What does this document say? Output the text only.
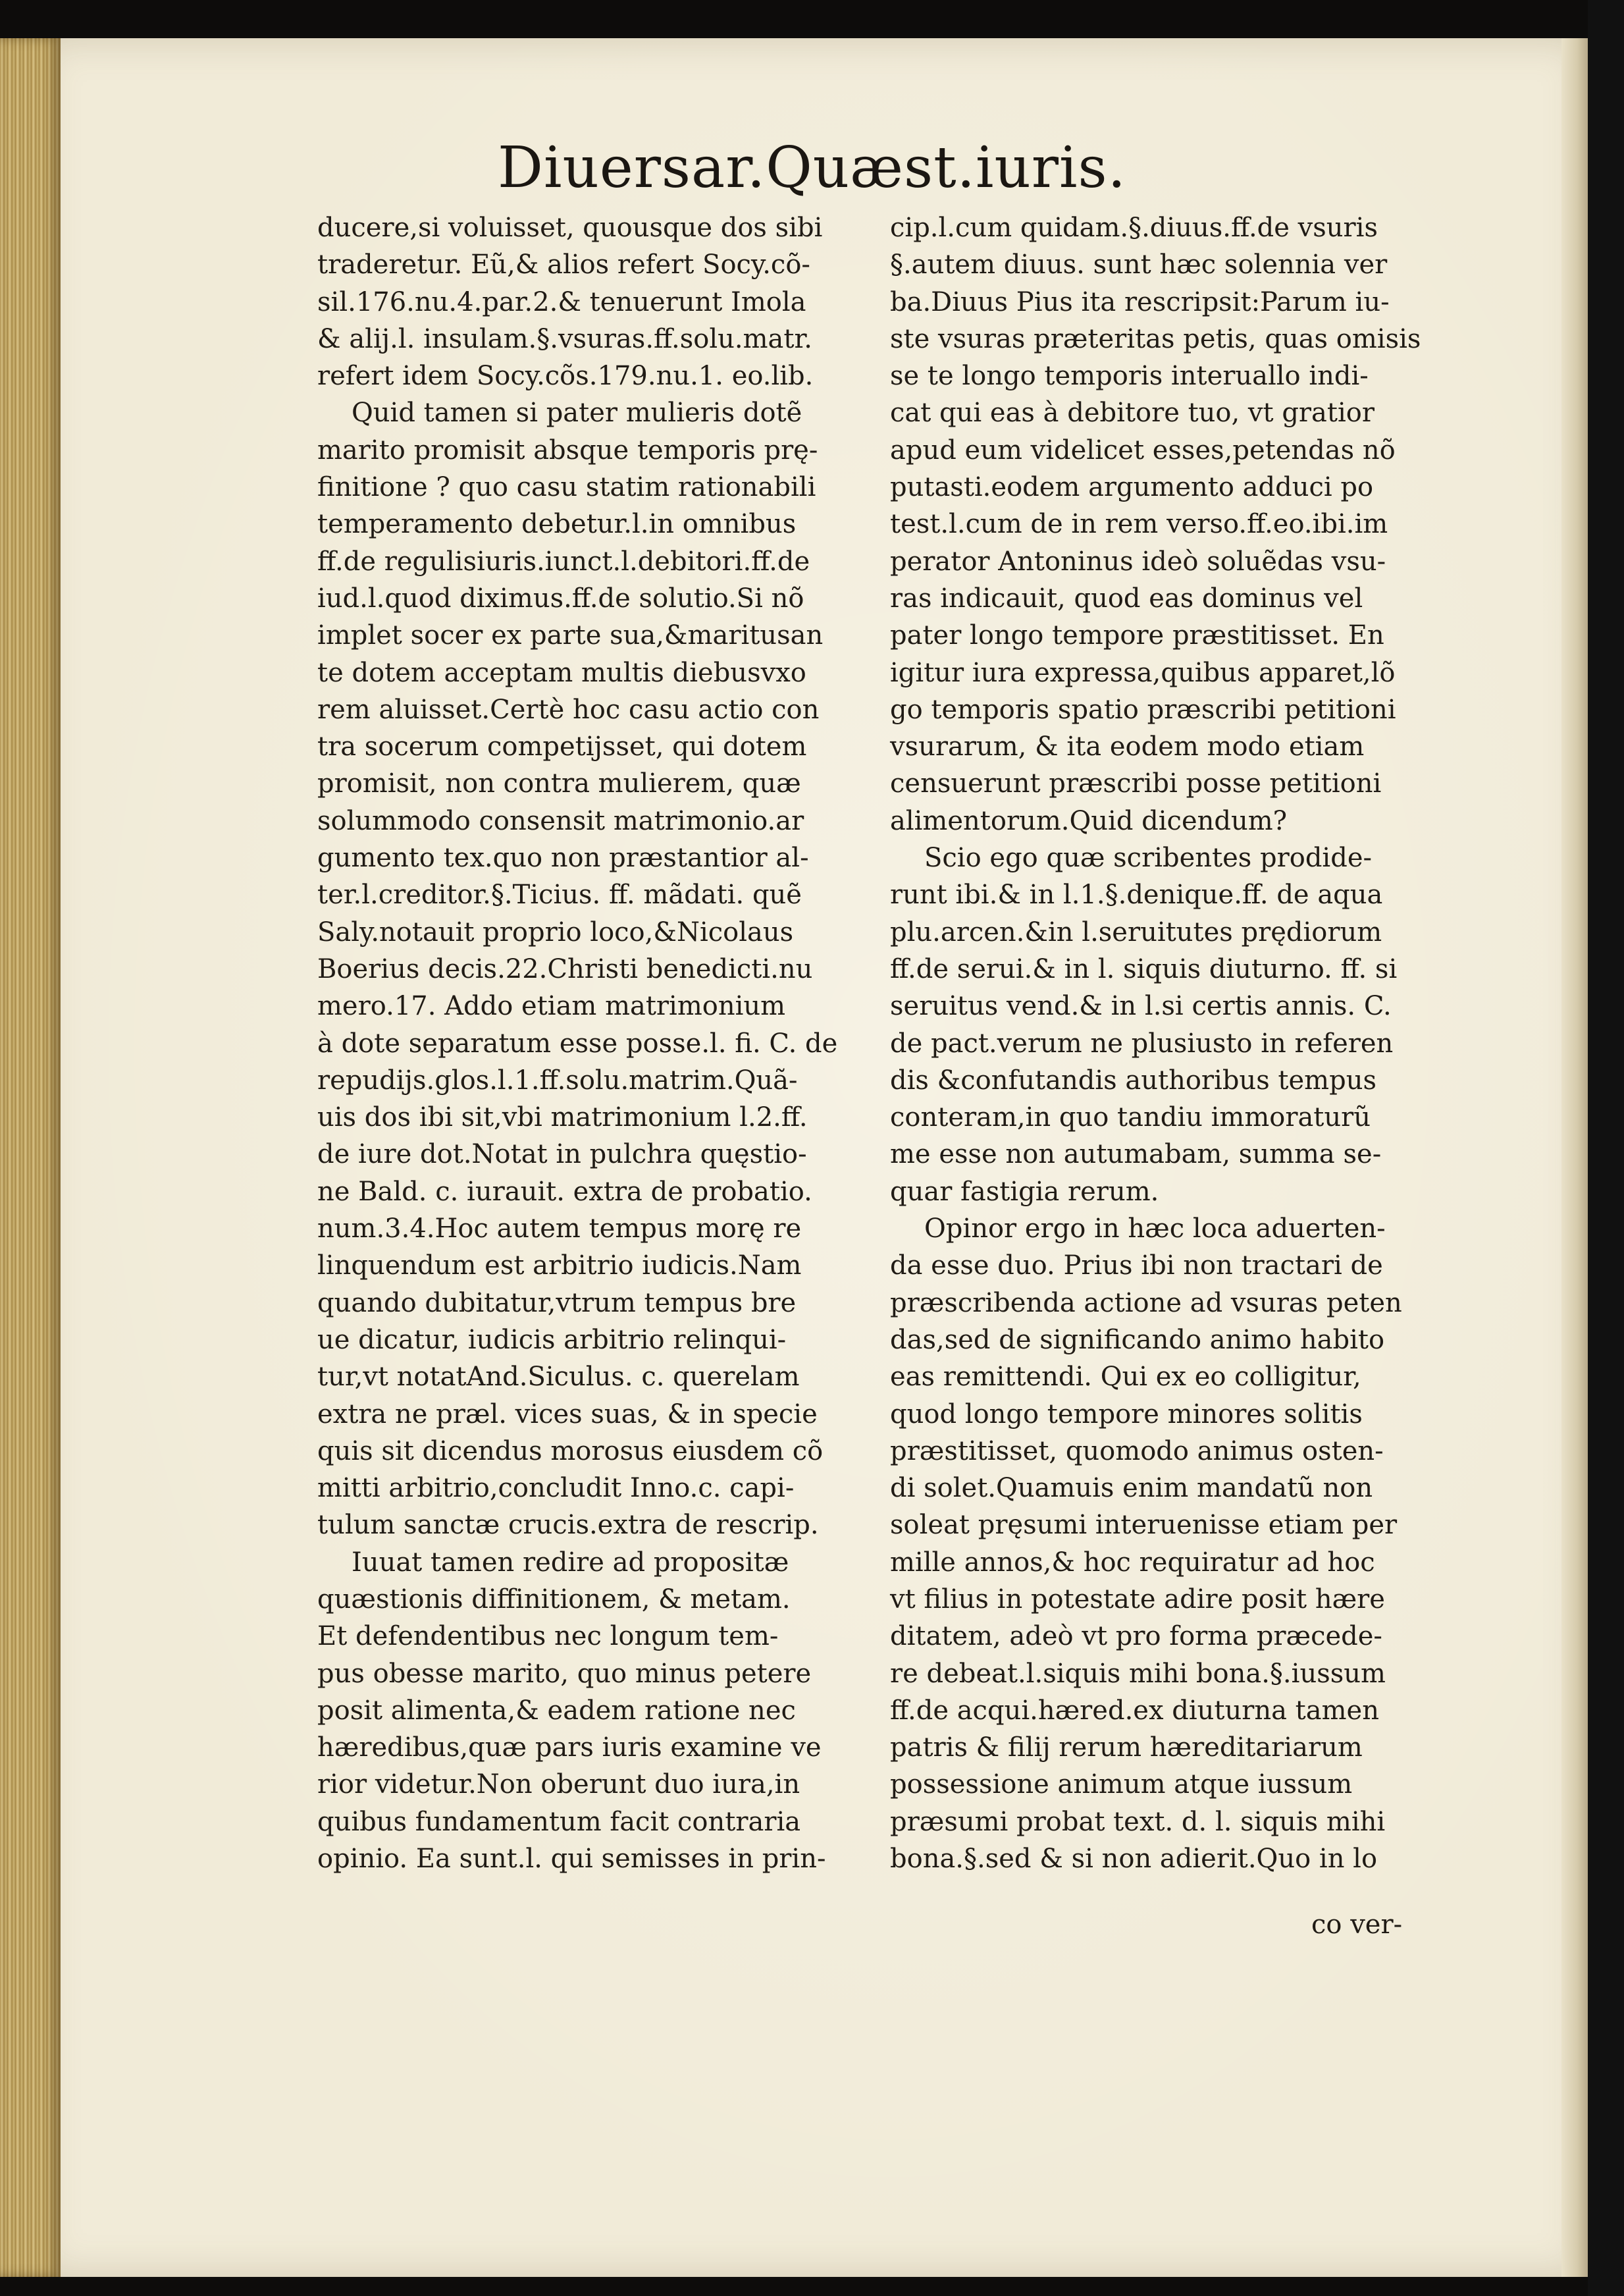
Diuersar.Quæst.iuris.
ducere,si voluisset, quousque dos sibi
traderetur. Eũ,& alios refert Socy.cõ-
sil.176.nu.4.par.2.& tenuerunt Imola
& alij.l. insulam.§.vsuras.ff.solu.matr.
refert idem Socy.cõs.179.nu.1. eo.lib.
Quid tamen si pater mulieris dotẽ
marito promisit absque temporis prę-
finitione ? quo casu statim rationabili
temperamento debetur.l.in omnibus
ff.de regulisiuris.iunct.l.debitori.ff.de
iud.l.quod diximus.ff.de solutio.Si nõ
implet socer ex parte sua,&maritusan
te dotem acceptam multis diebusvxo
rem aluisset.Certè hoc casu actio con
tra socerum competijsset, qui dotem
promisit, non contra mulierem, quæ
solummodo consensit matrimonio.ar
gumento tex.quo non præstantior al-
ter.l.creditor.§.Ticius. ff. mãdati. quẽ
Saly.notauit proprio loco,&Nicolaus
Boerius decis.22.Christi benedicti.nu
mero.17. Addo etiam matrimonium
à dote separatum esse posse.l. fi. C. de
repudijs.glos.l.1.ff.solu.matrim.Quã-
uis dos ibi sit,vbi matrimonium l.2.ff.
de iure dot.Notat in pulchra quęstio-
ne Bald. c. iurauit. extra de probatio.
num.3.4.Hoc autem tempus morę re
linquendum est arbitrio iudicis.Nam
quando dubitatur,vtrum tempus bre
ue dicatur, iudicis arbitrio relinqui-
tur,vt notatAnd.Siculus. c. querelam
extra ne præl. vices suas, & in specie
quis sit dicendus morosus eiusdem cõ
mitti arbitrio,concludit Inno.c. capi-
tulum sanctæ crucis.extra de rescrip.
Iuuat tamen redire ad propositæ
quæstionis diffinitionem, & metam.
Et defendentibus nec longum tem-
pus obesse marito, quo minus petere
posit alimenta,& eadem ratione nec
hæredibus,quæ pars iuris examine ve
rior videtur.Non oberunt duo iura,in
quibus fundamentum facit contraria
opinio. Ea sunt.l. qui semisses in prin-
cip.l.cum quidam.§.diuus.ff.de vsuris
§.autem diuus. sunt hæc solennia ver
ba.Diuus Pius ita rescripsit:Parum iu-
ste vsuras præteritas petis, quas omisis
se te longo temporis interuallo indi-
cat qui eas à debitore tuo, vt gratior
apud eum videlicet esses,petendas nõ
putasti.eodem argumento adduci po
test.l.cum de in rem verso.ff.eo.ibi.im
perator Antoninus ideò soluẽdas vsu-
ras indicauit, quod eas dominus vel
pater longo tempore præstitisset. En
igitur iura expressa,quibus apparet,lõ
go temporis spatio præscribi petitioni
vsurarum, & ita eodem modo etiam
censuerunt præscribi posse petitioni
alimentorum.Quid dicendum?
Scio ego quæ scribentes prodide-
runt ibi.& in l.1.§.denique.ff. de aqua
plu.arcen.&in l.seruitutes prędiorum
ff.de serui.& in l. siquis diuturno. ff. si
seruitus vend.& in l.si certis annis. C.
de pact.verum ne plusiusto in referen
dis &confutandis authoribus tempus
conteram,in quo tandiu immoraturũ
me esse non autumabam, summa se-
quar fastigia rerum.
Opinor ergo in hæc loca aduerten-
da esse duo. Prius ibi non tractari de
præscribenda actione ad vsuras peten
das,sed de significando animo habito
eas remittendi. Qui ex eo colligitur,
quod longo tempore minores solitis
præstitisset, quomodo animus osten-
di solet.Quamuis enim mandatũ non
soleat pręsumi interuenisse etiam per
mille annos,& hoc requiratur ad hoc
vt filius in potestate adire posit hære
ditatem, adeò vt pro forma præcede-
re debeat.l.siquis mihi bona.§.iussum
ff.de acqui.hæred.ex diuturna tamen
patris & filij rerum hæreditariarum
possessione animum atque iussum
præsumi probat text. d. l. siquis mihi
bona.§.sed & si non adierit.Quo in lo
co ver-
